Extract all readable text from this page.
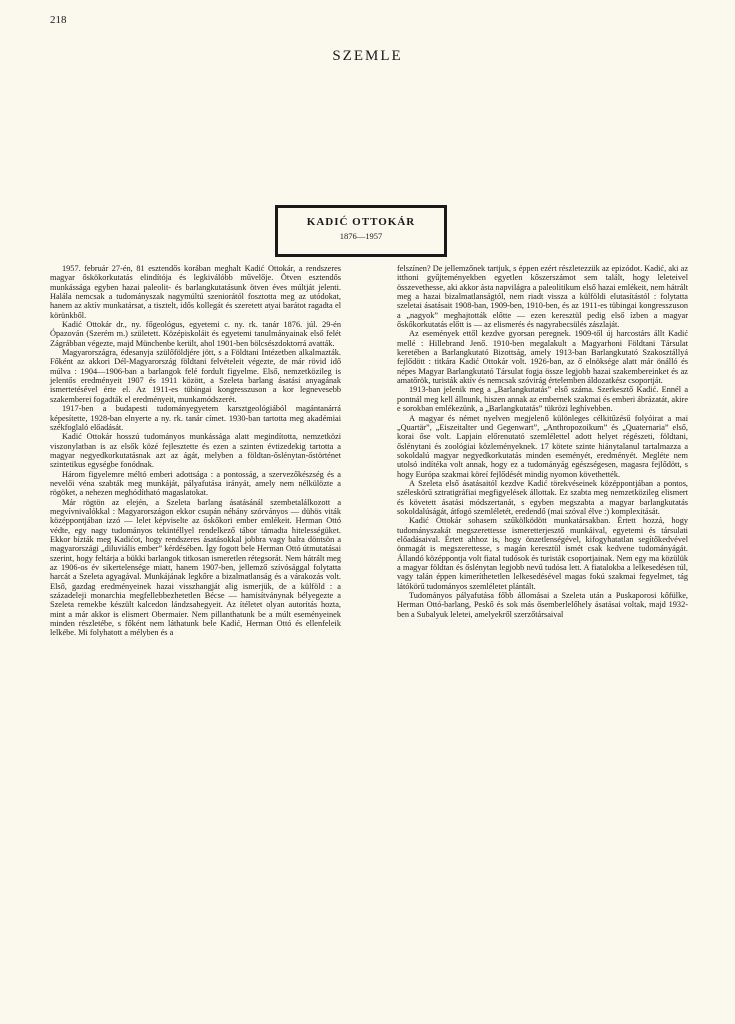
218
SZEMLE
KADIĆ OTTOKÁR
1876—1957

1957. február 27-én, 81 esztendős korában meghalt Kadić Ottokár, a rendszeres magyar őskökorkutatás elindítója és legkiválóbb művelője. Ötven esztendős munkássága egyben hazai paleolit- és barlangkutatásunk ötven éves múltját jelenti. Halála nemcsak a tudományszak nagymúltú szeniorától fosztotta meg az utódokat, hanem az aktív munkatársat, a tisztelt, idős kollegát és szeretett atyai barátot ragadta el körünkből.

Kadić Ottokár dr., ny. főgeológus, egyetemi c. ny. rk. tanár 1876. júl. 29-én Ópazován (Szerém m.) született. Középiskoláit és egyetemi tanulmányainak első felét Zágrábban végezte, majd Münchenbe került, ahol 1901-ben bölcsészdoktorrá avatták.

Magyarországra, édesanyja szülőföldjére jött, s a Földtani Intézetben alkalmazták. Főként az akkori Dél-Magyarország földtani felvételeit végezte, de már rövid idő múlva : 1904—1906-ban a barlangok felé fordult figyelme. Első, nemzetközileg is jelentős eredményeit 1907 és 1911 között, a Szeleta barlang ásatási anyagának ismertetésével érte el. Az 1911-es tübingai kongresszuson a kor legnevesebb szakemberei fogadták el eredményeit, munkamódszerét.

1917-ben a budapesti tudományegyetem karsztgeológiából magántanárrá képesítette, 1928-ban elnyerte a ny. rk. tanár címet. 1930-ban tartotta meg akadémiai székfoglaló előadását.

Kadić Ottokár hosszú tudományos munkássága alatt megindította, nemzetközi viszonylatban is az elsők közé fejlesztette és ezen a szinten évtizedekig tartotta a magyar negyedkorkutatásnak azt az ágát, melyben a földtan-őslénytan-őstörténet szintetikus egységbe fonódnak.

Három figyelemre méltó emberi adottsága : a pontosság, a szervezőkészség és a nevelői véna szabták meg munkáját, pályafutása irányát, amely nem nélkülözte a rögöket, a nehezen meghódítható magaslatokat.

Már rögtön az elején, a Szeleta barlang ásatásánál szembetalálkozott a megvívnivalókkal : Magyarországon ekkor csupán néhány szórványos — dühös viták középpontjában izzó — lelet képviselte az őskőkori ember emlékeit. Herman Ottó védte, egy nagy tudományos tekintéllyel rendelkező tábor támadta hitelességüket. Ekkor bízták meg Kadićot, hogy rendszeres ásatásokkal jobbra vagy balra döntsön a magyarországi „diluviális ember” kérdésében. Így fogott bele Herman Ottó útmutatásai szerint, hogy feltárja a bükki barlangok titkosan ismeretlen rétegsorát. Nem hátrált meg az 1906-os év sikertelensége miatt, hanem 1907-ben, jellemző szívósággal folytatta harcát a Szeleta agyagával. Munkájának legkőre a bizalmatlanság és a várakozás volt. Első, gazdag eredményeinek hazai visszhangját alig ismerjük, de a külföld : a századeleji monarchia megfellebbezhetetlen Bécse — hamisítványnak bélyegezte a Szeleta remekbe készült kalcedon lándzsahegyeit. Az ítéletet olyan autoritás hozta, mint a már akkor is elismert Obermaier. Nem pillanthatunk be a múlt eseményeinek minden részletébe, s főként nem láthatunk bele Kadić, Herman Ottó és ellenfeleik lelkébe. Mi folyhatott a mélyben és a

felszínen? De jellemzőnek tartjuk, s éppen ezért részletezzük az epizódot. Kadić, aki az itthoni gyűjteményekben egyetlen kőszerszámot sem talált, hogy leleteivel összevethesse, aki akkor ásta napvilágra a paleolitikum első hazai emlékeit, nem hátrált meg a hazai bizalmatlanságtól, nem riadt vissza a külföldi elutasítástól : folytatta szeletai ásatásait 1908-ban, 1909-ben, 1910-ben, és az 1911-es tübingai kongresszuson a „nagyok” meghajtották előtte — ezen keresztül pedig első ízben a magyar őskőkorkutatás előtt is — az elismerés és nagyrabecsülés zászlaját.

Az események ettől kezdve gyorsan peregnek. 1909-től új harcostárs állt Kadić mellé : Hillebrand Jenő. 1910-ben megalakult a Magyarhoni Földtani Társulat keretében a Barlangkutató Bizottság, amely 1913-ban Barlangkutató Szakosztállyá fejlődött : titkára Kadić Ottokár volt. 1926-ban, az ő elnöksége alatt már önálló és népes Magyar Barlangkutató Társulat fogja össze legjobb hazai szakembereinket és az amatőrök, turisták aktív és nemcsak szóvirág értelemben áldozatkész csoportját.

1913-ban jelenik meg a „Barlangkutatás” első száma. Szerkesztő Kadić. Ennél a pontnál meg kell állnunk, hiszen annak az embernek szakmai és emberi ábrázatát, akire e sorokban emlékezünk, a „Barlangkutatás” tükrözi leghívebben.

A magyar és német nyelven megjelenő különleges célkitűzésű folyóirat a mai „Quartär”, „Eiszeitalter und Gegenwart”, „Anthropozoikum” és „Quaternaria” első, korai őse volt. Lapjain előrenutató szemlélettel adott helyet régészeti, földtani, őslénytani és zoológiai közleményeknek. 17 kötete szinte hiánytalanul tartalmazza a sokoldalú magyar negyedkorkutatás minden eseményét, eredményét. Megléte nem utolsó indítéka volt annak, hogy ez a tudományág egészségesen, magasra fejlődött, s hogy Európa szakmai köreí fejlődését mindig nyomon követhették.

A Szeleta első ásatásaitól kezdve Kadić törekvéseinek középpontjában a pontos, széleskörű sztratigráfiai megfigyelések állottak. Ez szabta meg nemzetközileg elismert és követett ásatási módszertanát, s egyben megszabta a magyar barlangkutatás sokoldalúságát, átfogó szemléletét, eredendő (mai szóval élve :) komplexitását.

Kadić Ottokár sohasem szűkölködött munkatársakban. Értett hozzá, hogy tudományszakát megszerettesse ismeretterjesztő munkáival, egyetemi és társulati előadásaival. Értett ahhoz is, hogy önzetlenségével, kifogyhatatlan segítőkedvével önmagát is megszerettesse, s magán keresztül ismét csak kedvene tudományágát. Állandó középpontja volt fiatal tudósok és turisták csoportjainak. Nem egy ma közülük a magyar földtan és őslénytan legjobb nevű tudósa lett. A fiatalokba a lelkesedésen túl, vagy talán éppen kimeríthetetlen lelkesedésével magas fokú szakmai fegyelmet, tág látókörű tudományos szemléletet plántált.

Tudományos pályafutása főbb állomásai a Szeleta után a Puskaporosi kőfülke, Herman Ottó-barlang, Peskő és sok más ősemberlelőhely ásatásai voltak, majd 1932-ben a Subalyuk leletei, amelyekről szerzőtársaival
